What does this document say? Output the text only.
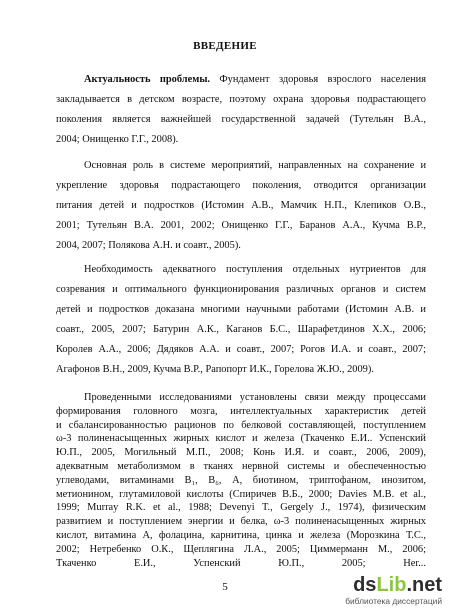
ВВЕДЕНИЕ
Актуальность проблемы. Фундамент здоровья взрослого населения
закладывается в детском возрасте, поэтому охрана здоровья подрастающего
поколения является важнейшей государственной задачей (Тутельян В.А.,
2004; Онищенко Г.Г., 2008).
Основная роль в системе мероприятий, направленных на сохранение и
укрепление здоровья подрастающего поколения, отводится организации
питания детей и подростков (Истомин А.В., Мамчик Н.П., Клепиков О.В.,
2001; Тутельян В.А. 2001, 2002; Онищенко Г.Г., Баранов А.А., Кучма В.Р.,
2004, 2007; Полякова А.Н. и соавт., 2005).
Необходимость адекватного поступления отдельных нутриентов для
созревания и оптимального функционирования различных органов и систем
детей и подростков доказана многими научными работами (Истомин А.В. и
соавт., 2005, 2007; Батурин А.К., Каганов Б.С., Шарафетдинов Х.Х., 2006;
Королев А.А., 2006; Дядяков А.А. и соавт., 2007; Рогов И.А. и соавт., 2007;
Агафонов В.Н., 2009, Кучма В.Р., Рапопорт И.К., Горелова Ж.Ю., 2009).
Проведенными исследованиями установлены связи между процессами
формирования головного мозга, интеллектуальных характеристик детей
и сбалансированностью рационов по белковой составляющей, поступлением
ω-3 полиненасыщенных жирных кислот и железа (Ткаченко Е.И.. Успенский
Ю.П., 2005, Могильный М.П., 2008; Конь И.Я. и соавт., 2006, 2009),
адекватным метаболизмом в тканях нервной системы и обеспеченностью
углеводами, витаминами B₁, B₆, А, биотином, триптофаном, инозитом,
метионином, глутамиловой кислоты (Спиричев В.Б., 2000; Davies M.B. et al.,
1999; Murray R.K. et al., 1988; Devenyi T., Gergely J., 1974), физическим
развитием и поступлением энергии и белка, ω-3 полиненасыщенных жирных
кислот, витамина А, фолацина, карнитина, цинка и железа (Морозкина Т.С.,
2002; Нетребенко О.К., Щеплягина Л.А., 2005; Циммерманн М., 2006;
Ткаченко Е.И., Успенский Ю.П., 2005; Her...
5	dsLib.net
библиотека диссертаций
